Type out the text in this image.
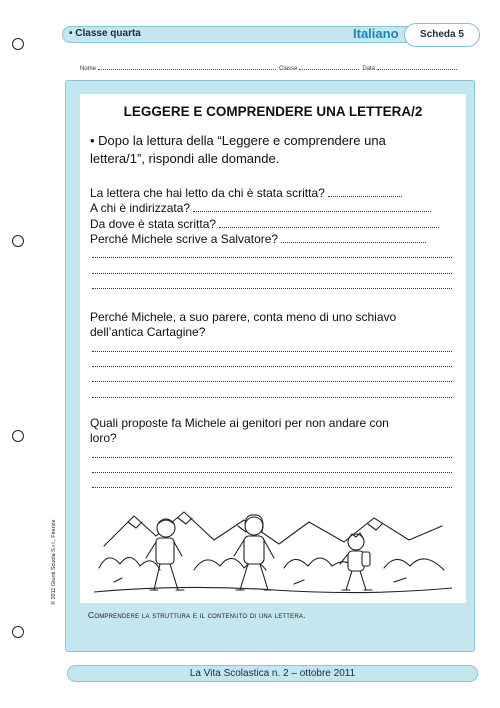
• Classe quarta	Italiano	Scheda 5
Nome	Classe	Data
LEGGERE E COMPRENDERE UNA LETTERA/2
• Dopo la lettura della “Leggere e comprendere una
lettera/1”, rispondi alle domande.
La lettera che hai letto da chi è stata scritta?
A chi è indirizzata?
Da dove è stata scritta?
Perché Michele scrive a Salvatore?
Perché Michele, a suo parere, conta meno di uno schiavo
dell’antica Cartagine?
Quali proposte fa Michele ai genitori per non andare con
loro?
Comprendere la struttura e il contenuto di una lettera.
© 2011 Giunti Scuola S.r.l., Firenze
La Vita Scolastica n. 2 – ottobre 2011
